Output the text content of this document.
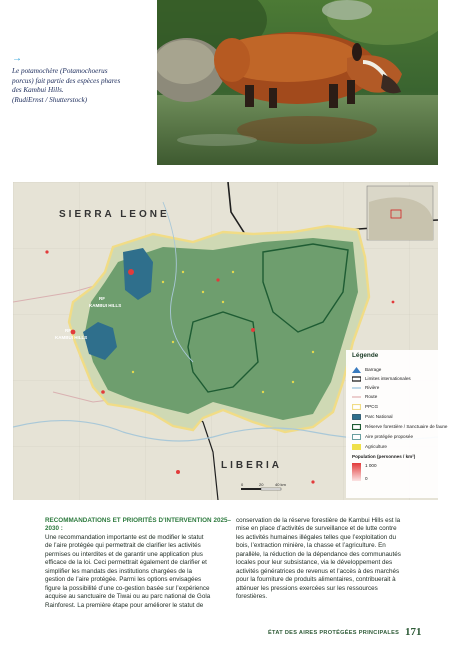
→
Le potamochère (Potamochoerus
porcus) fait partie des espèces phares
des Kambui Hills.
(RudiErnst / Shutterstock)
0	20	40 km
SIERRA LEONE
LIBERIA
RF
KAMBUI HILLS
RF
KAMBUI HILLS
Légende
Barrage
Limites internationales
Rivière
Route
PPCG
Parc National
Réserve forestière / Sanctuaire de faune
Aire protégée proposée
Agriculture
Population (personnes / km²)
1 000
0
RECOMMANDATIONS ET PRIORITÉS D’INTERVENTION 2025–2030 :
Une recommandation importante est de modifier le statut
de l’aire protégée qui permettrait de clarifier les activités
permises ou interdites et de garantir une application plus
efficace de la loi. Ceci permettrait également de clarifier et
simplifier les mandats des institutions chargées de la
gestion de l’aire protégée. Parmi les options envisagées
figure la possibilité d’une co-gestion basée sur l’expérience
acquise au sanctuaire de Tiwai ou au parc national de Gola
Rainforest. La première étape pour améliorer le statut de
conservation de la réserve forestière de Kambui Hills est la
mise en place d’activités de surveillance et de lutte contre
les activités humaines illégales telles que l’exploitation du
bois, l’extraction minière, la chasse et l’agriculture. En
parallèle, la réduction de la dépendance des communautés
locales pour leur subsistance, via le développement des
activités génératrices de revenus et l’accès à des marchés
pour la fourniture de produits alimentaires, contribuerait à
atténuer les pressions exercées sur les ressources
forestières.
ÉTAT DES AIRES PROTÉGÉES PRINCIPALES 171
